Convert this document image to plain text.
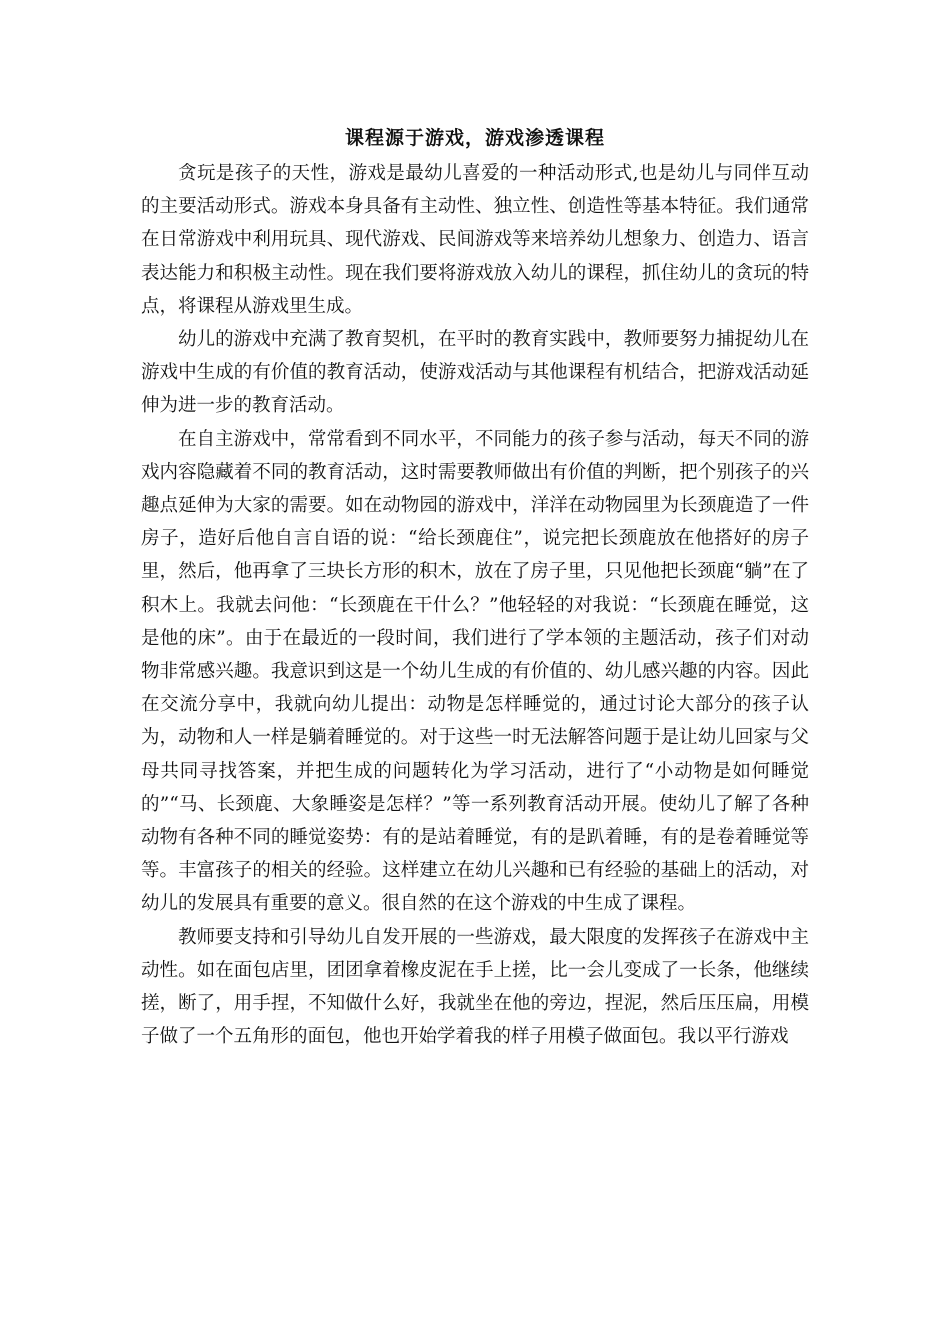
课程源于游戏，游戏渗透课程

贪玩是孩子的天性，游戏是最幼儿喜爱的一种活动形式,也是幼儿与同伴互动的主要活动形式。游戏本身具备有主动性、独立性、创造性等基本特征。我们通常在日常游戏中利用玩具、现代游戏、民间游戏等来培养幼儿想象力、创造力、语言表达能力和积极主动性。现在我们要将游戏放入幼儿的课程，抓住幼儿的贪玩的特点，将课程从游戏里生成。

幼儿的游戏中充满了教育契机，在平时的教育实践中，教师要努力捕捉幼儿在游戏中生成的有价值的教育活动，使游戏活动与其他课程有机结合，把游戏活动延伸为进一步的教育活动。

在自主游戏中，常常看到不同水平，不同能力的孩子参与活动，每天不同的游戏内容隐藏着不同的教育活动，这时需要教师做出有价值的判断，把个别孩子的兴趣点延伸为大家的需要。如在动物园的游戏中，洋洋在动物园里为长颈鹿造了一件房子，造好后他自言自语的说：“给长颈鹿住”，说完把长颈鹿放在他搭好的房子里，然后，他再拿了三块长方形的积木，放在了房子里，只见他把长颈鹿“躺”在了积木上。我就去问他：“长颈鹿在干什么？”他轻轻的对我说：“长颈鹿在睡觉，这是他的床”。由于在最近的一段时间，我们进行了学本领的主题活动，孩子们对动物非常感兴趣。我意识到这是一个幼儿生成的有价值的、幼儿感兴趣的内容。因此在交流分享中，我就向幼儿提出：动物是怎样睡觉的，通过讨论大部分的孩子认为，动物和人一样是躺着睡觉的。对于这些一时无法解答问题于是让幼儿回家与父母共同寻找答案，并把生成的问题转化为学习活动，进行了“小动物是如何睡觉的”“马、长颈鹿、大象睡姿是怎样？”等一系列教育活动开展。使幼儿了解了各种动物有各种不同的睡觉姿势：有的是站着睡觉，有的是趴着睡，有的是卷着睡觉等等。丰富孩子的相关的经验。这样建立在幼儿兴趣和已有经验的基础上的活动，对幼儿的发展具有重要的意义。很自然的在这个游戏的中生成了课程。

教师要支持和引导幼儿自发开展的一些游戏，最大限度的发挥孩子在游戏中主动性。如在面包店里，团团拿着橡皮泥在手上搓，比一会儿变成了一长条，他继续搓，断了，用手捏，不知做什么好，我就坐在他的旁边，捏泥，然后压压扁，用模子做了一个五角形的面包，他也开始学着我的样子用模子做面包。我以平行游戏
